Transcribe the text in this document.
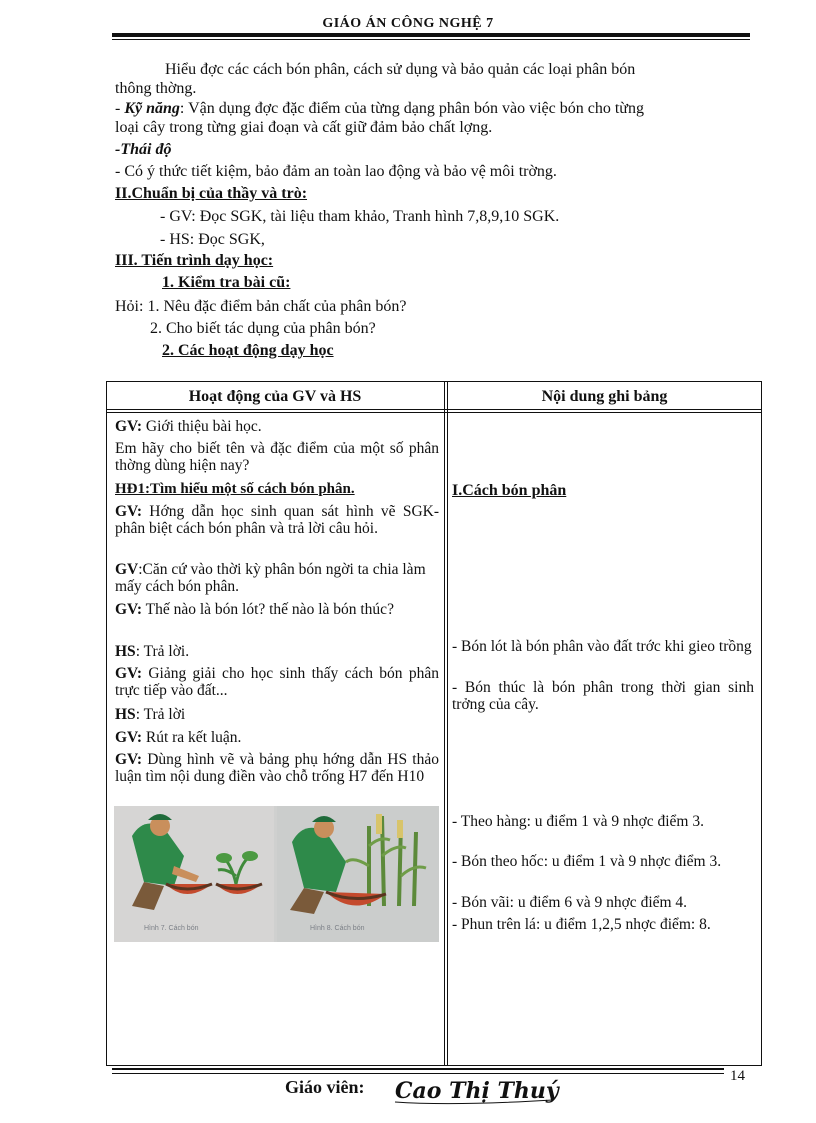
GIÁO ÁN CÔNG NGHỆ 7
Hiểu đợc các cách bón phân, cách sử dụng và bảo quản các loại phân bón
thông thờng.
- Kỹ năng: Vận dụng đợc đặc điểm của từng dạng phân bón vào việc bón cho từng
loại cây trong từng giai đoạn và cất giữ đảm bảo chất lợng.
-Thái độ
- Có ý thức tiết kiệm, bảo đảm an toàn lao động và bảo vệ môi trờng.
II.Chuẩn bị của thầy và trò:
- GV: Đọc SGK, tài liệu tham khảo, Tranh hình 7,8,9,10 SGK.
- HS: Đọc SGK,
III. Tiến trình dạy học:
1. Kiểm tra bài cũ:
Hỏi: 1. Nêu đặc điểm bản chất của phân bón?
2. Cho biết tác dụng của phân bón?
2. Các hoạt động dạy học
Hoạt động của GV và HS	Nội dung ghi bảng
GV: Giới thiệu bài học.
Em hãy cho biết tên và đặc điểm của một số phân thờng dùng hiện nay?
HĐ1:Tìm hiểu một số cách bón phân.
GV: Hớng dẫn học sinh quan sát hình vẽ SGK- phân biệt cách bón phân và trả lời câu hỏi.
GV:Căn cứ vào thời kỳ phân bón ngời ta chia làm mấy cách bón phân.
GV: Thế nào là bón lót? thế nào là bón thúc?
HS: Trả lời.
GV: Giảng giải cho học sinh thấy cách bón phân trực tiếp vào đất...
HS: Trả lời
GV: Rút ra kết luận.
GV: Dùng hình vẽ và bảng phụ hớng dẫn HS thảo luận tìm nội dung điền vào chỗ trống H7 đến H10
Hình 7. Cách bón	Hình 8. Cách bón
I.Cách bón phân
- Bón lót là bón phân vào đất trớc khi gieo trồng
- Bón thúc là bón phân trong thời gian sinh trởng của cây.
- Theo hàng: u điểm 1 và 9 nhợc điểm 3.
- Bón theo hốc: u điểm 1 và 9 nhợc điểm 3.
- Bón vãi: u điểm 6 và 9 nhợc điểm 4.
- Phun trên lá: u điểm 1,2,5 nhợc điểm: 8.
14
Giáo viên: Cao Thị Thuý
